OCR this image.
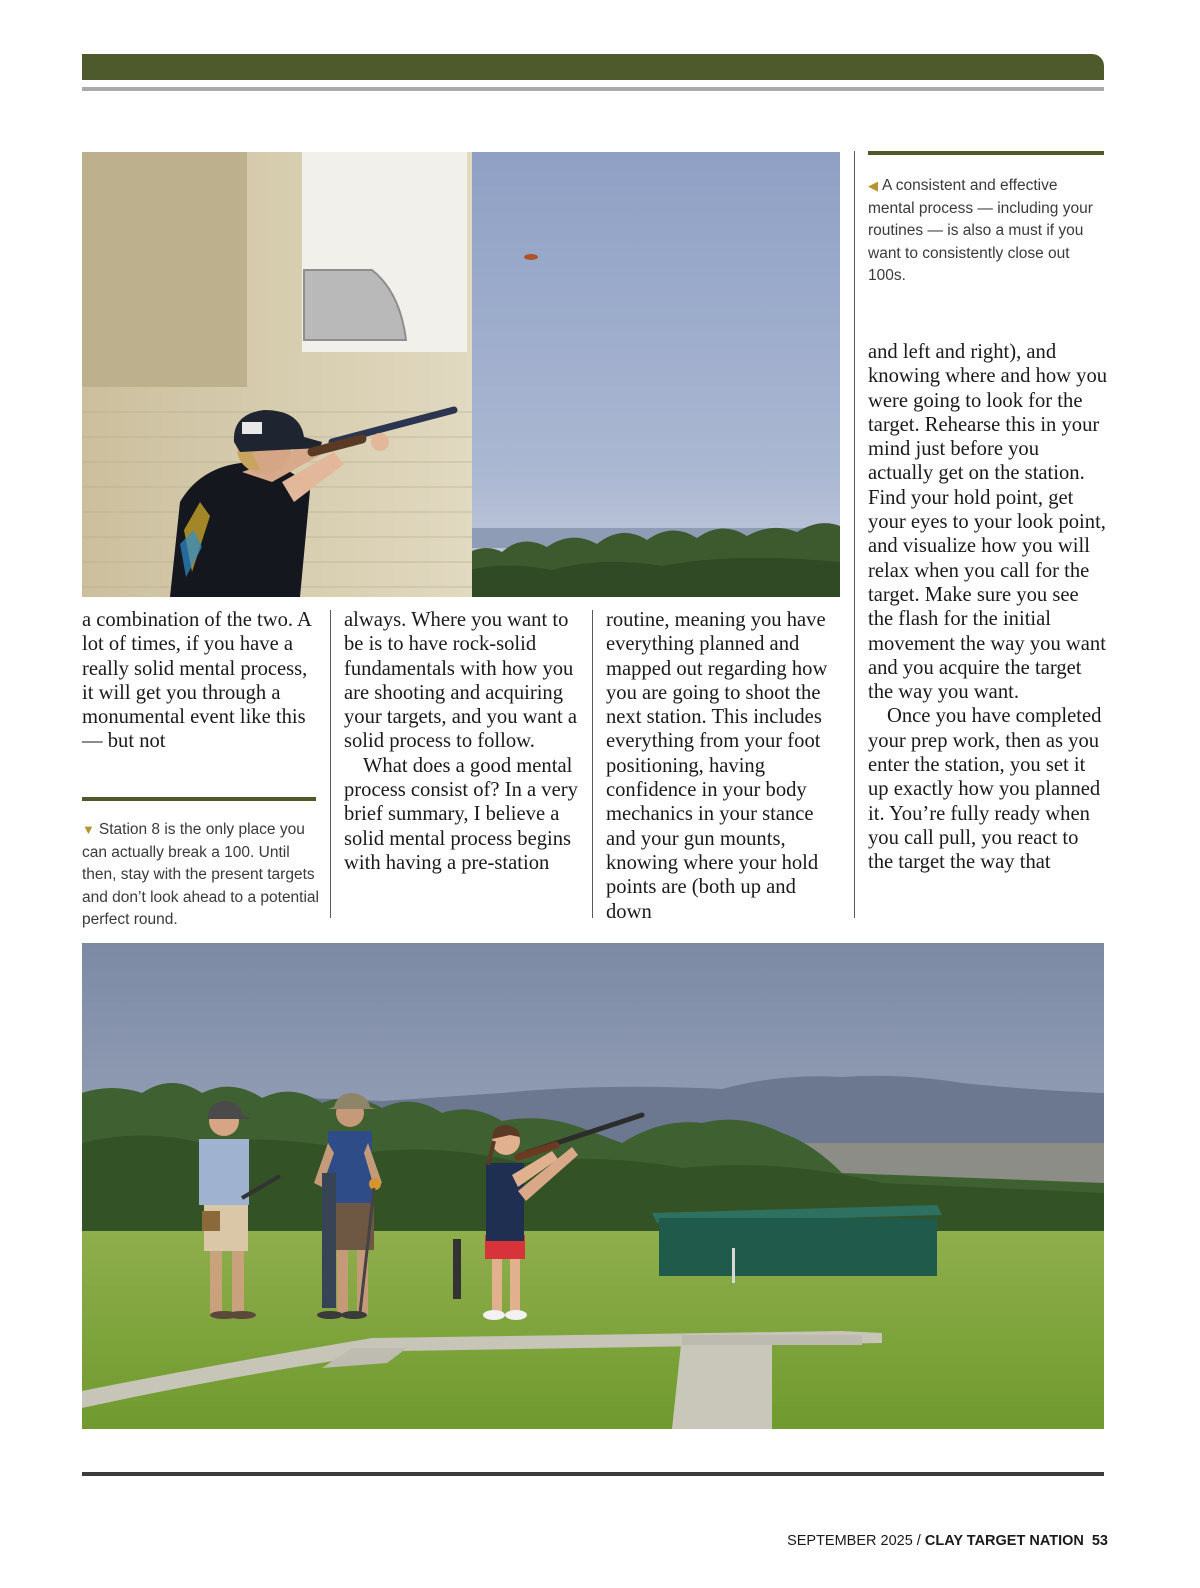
◀ A consistent and effective mental process — including your routines — is also a must if you want to consistently close out 100s.

a combination of the two. A lot of times, if you have a really solid mental process, it will get you through a monumental event like this — but not

always. Where you want to be is to have rock-solid fundamentals with how you are shooting and acquiring your targets, and you want a solid process to follow.

What does a good mental process consist of? In a very brief summary, I believe a solid mental process begins with having a pre-station

routine, meaning you have everything planned and mapped out regarding how you are going to shoot the next station. This includes everything from your foot positioning, having confidence in your body mechanics in your stance and your gun mounts, knowing where your hold points are (both up and down

and left and right), and knowing where and how you were going to look for the target. Rehearse this in your mind just before you actually get on the station. Find your hold point, get your eyes to your look point, and visualize how you will relax when you call for the target. Make sure you see the flash for the initial movement the way you want and you acquire the target the way you want.

Once you have completed your prep work, then as you enter the station, you set it up exactly how you planned it. You’re fully ready when you call pull, you react to the target the way that

▼ Station 8 is the only place you can actually break a 100. Until then, stay with the present targets and don’t look ahead to a potential perfect round.
SEPTEMBER 2025 / CLAY TARGET NATION 53
